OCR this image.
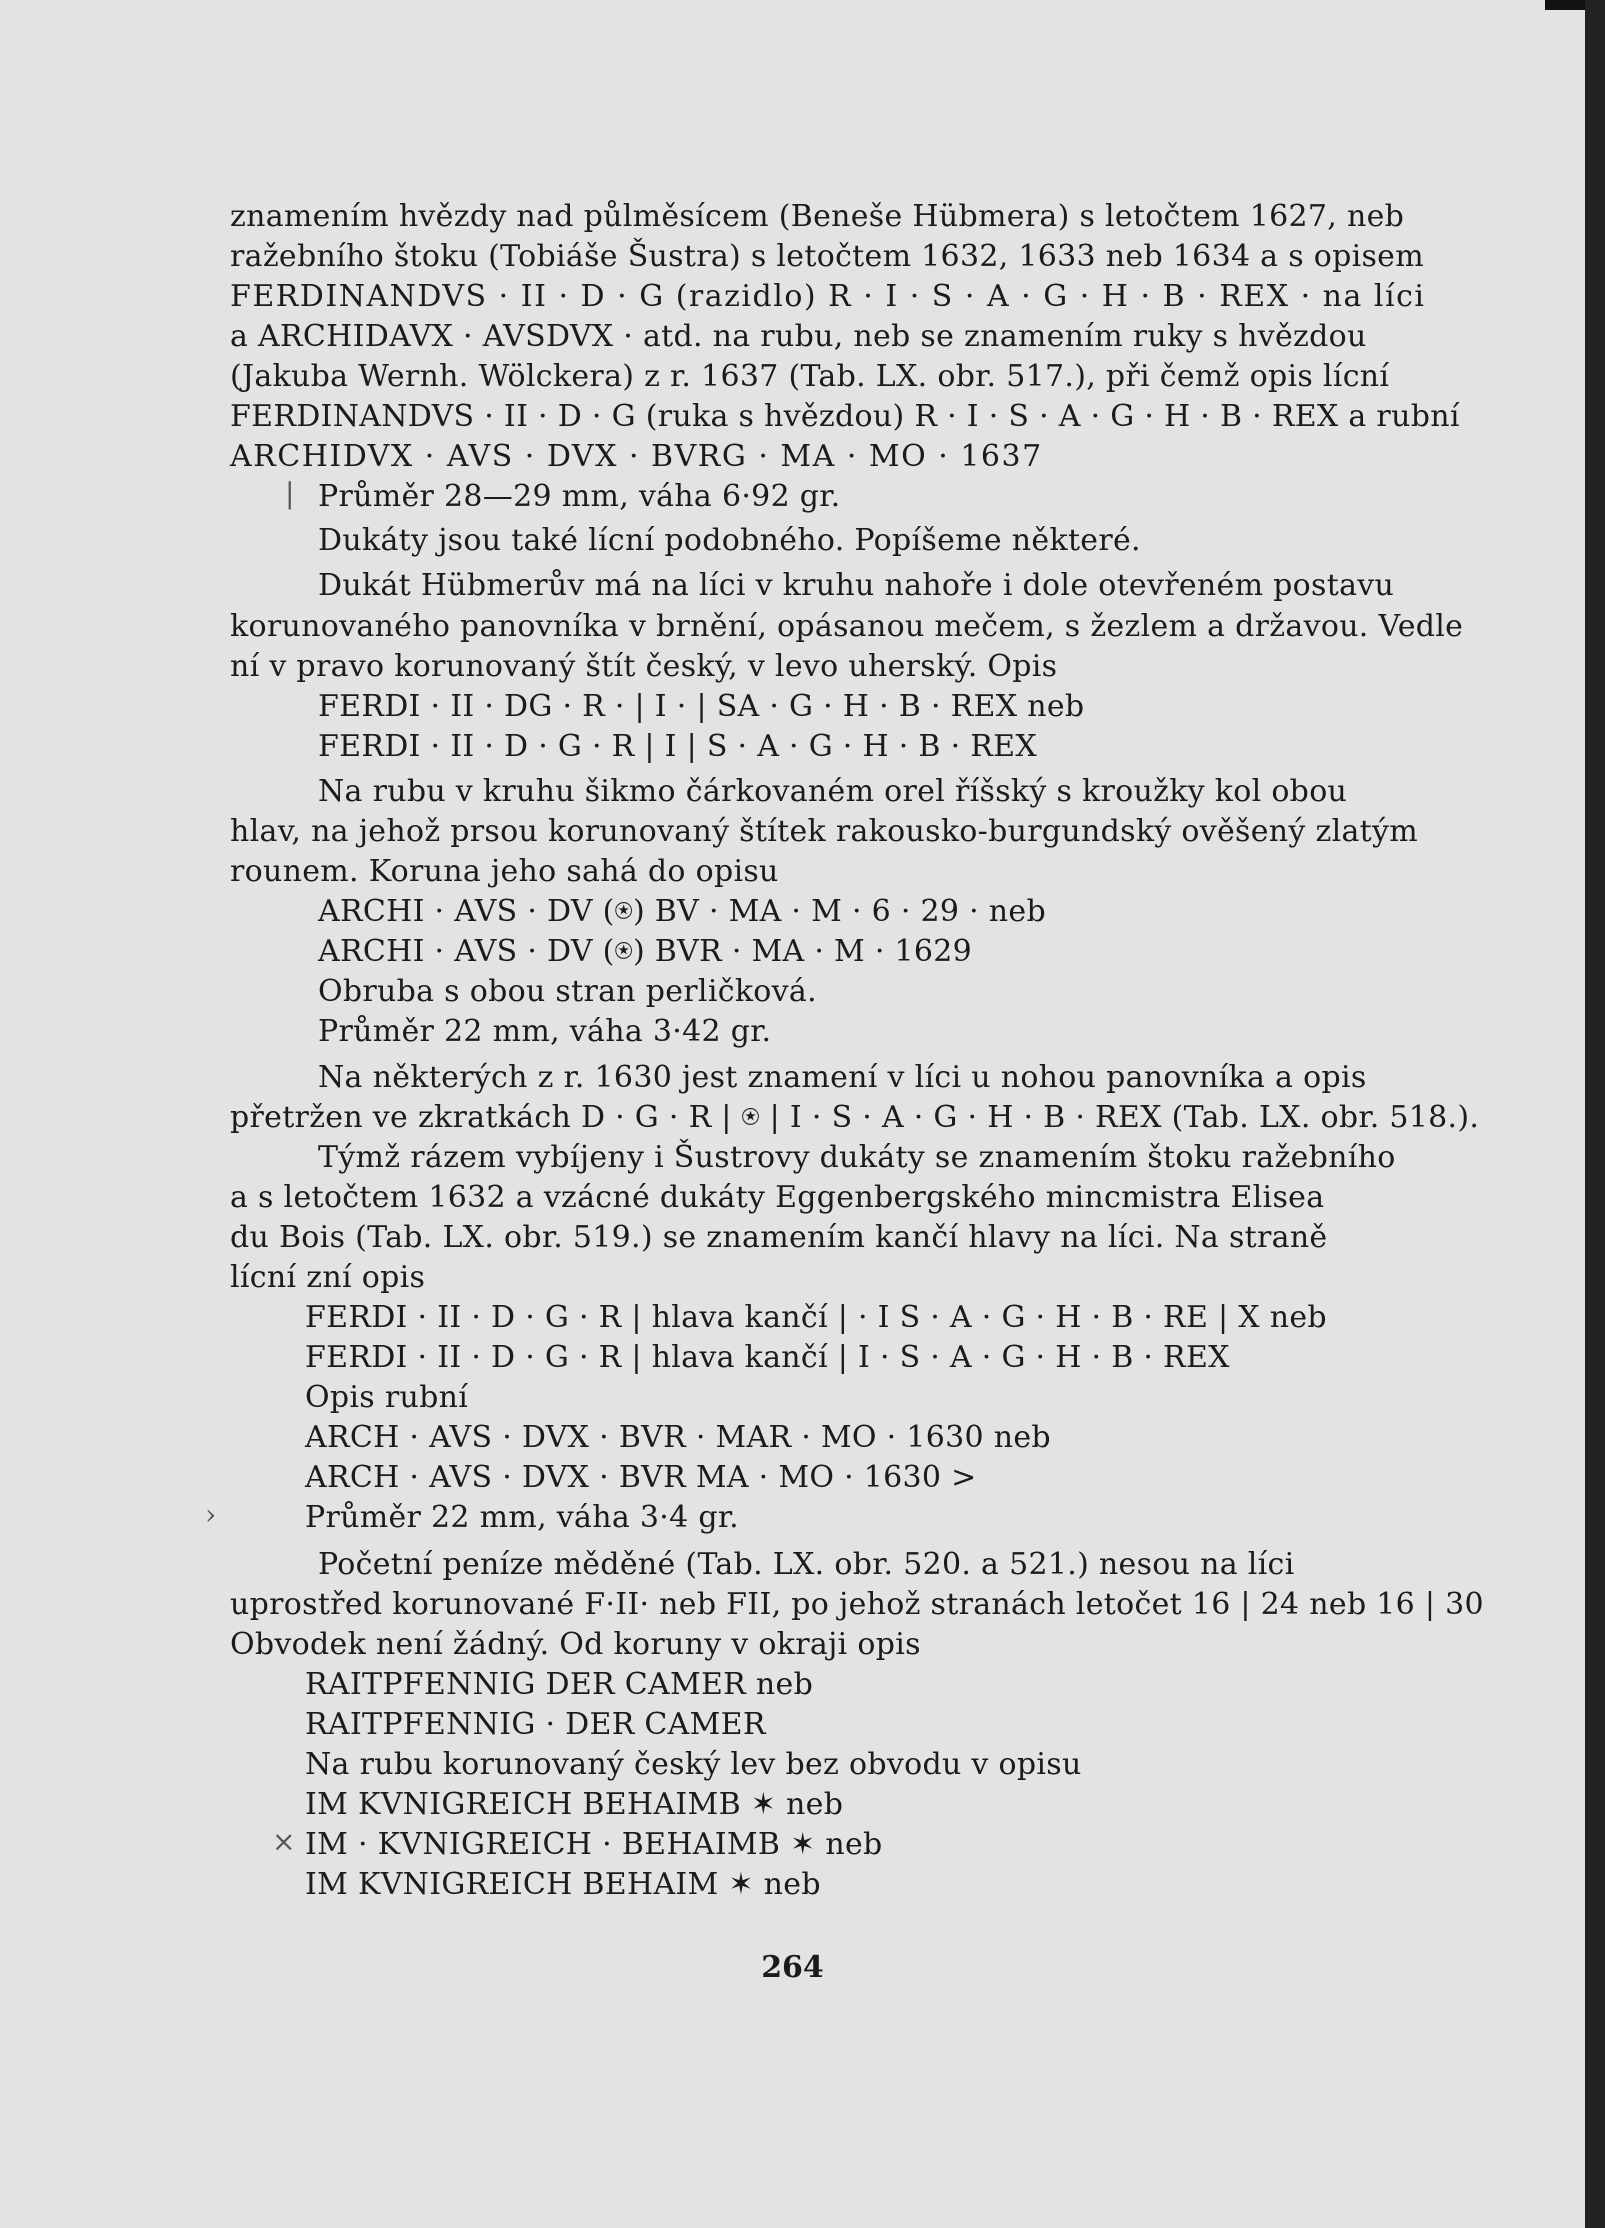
znamením hvězdy nad půlměsícem (Beneše Hübmera) s letočtem 1627, neb
ražebního štoku (Tobiáše Šustra) s letočtem 1632, 1633 neb 1634 a s opisem
FERDINANDVS · II · D · G (razidlo) R · I · S · A · G · H · B · REX · na líci
a ARCHIDAVX · AVSDVX · atd. na rubu, neb se znamením ruky s hvězdou
(Jakuba Wernh. Wölckera) z r. 1637 (Tab. LX. obr. 517.), při čemž opis lícní
FERDINANDVS · II · D · G (ruka s hvězdou) R · I · S · A · G · H · B · REX a rubní
ARCHIDVX · AVS · DVX · BVRG · MA · MO · 1637
Průměr 28—29 mm, váha 6·92 gr.
Dukáty jsou také lícní podobného. Popíšeme některé.
Dukát Hübmerův má na líci v kruhu nahoře i dole otevřeném postavu
korunovaného panovníka v brnění, opásanou mečem, s žezlem a državou. Vedle
ní v pravo korunovaný štít český, v levo uherský. Opis
FERDI · II · DG · R · | I · | SA · G · H · B · REX neb
FERDI · II · D · G · R | I | S · A · G · H · B · REX
Na rubu v kruhu šikmo čárkovaném orel říšský s kroužky kol obou
hlav, na jehož prsou korunovaný štítek rakousko-burgundský ověšený zlatým
rounem. Koruna jeho sahá do opisu
ARCHI · AVS · DV (⍟) BV · MA · M · 6 · 29 · neb
ARCHI · AVS · DV (⍟) BVR · MA · M · 1629
Obruba s obou stran perličková.
Průměr 22 mm, váha 3·42 gr.
Na některých z r. 1630 jest znamení v líci u nohou panovníka a opis
přetržen ve zkratkách D · G · R | ⍟ | I · S · A · G · H · B · REX (Tab. LX. obr. 518.).
Týmž rázem vybíjeny i Šustrovy dukáty se znamením štoku ražebního
a s letočtem 1632 a vzácné dukáty Eggenbergského mincmistra Elisea
du Bois (Tab. LX. obr. 519.) se znamením kančí hlavy na líci. Na straně
lícní zní opis
FERDI · II · D · G · R | hlava kančí | · I S · A · G · H · B · RE | X neb
FERDI · II · D · G · R | hlava kančí | I · S · A · G · H · B · REX
Opis rubní
ARCH · AVS · DVX · BVR · MAR · MO · 1630 neb
ARCH · AVS · DVX · BVR MA · MO · 1630 >
Průměr 22 mm, váha 3·4 gr.
Početní peníze měděné (Tab. LX. obr. 520. a 521.) nesou na líci
uprostřed korunované F·II· neb FII, po jehož stranách letočet 16 | 24 neb 16 | 30
Obvodek není žádný. Od koruny v okraji opis
RAITPFENNIG DER CAMER neb
RAITPFENNIG · DER CAMER
Na rubu korunovaný český lev bez obvodu v opisu
IM KVNIGREICH BEHAIMB ✶ neb
IM · KVNIGREICH · BEHAIMB ✶ neb
IM KVNIGREICH BEHAIM ✶ neb
264
|
›
×
